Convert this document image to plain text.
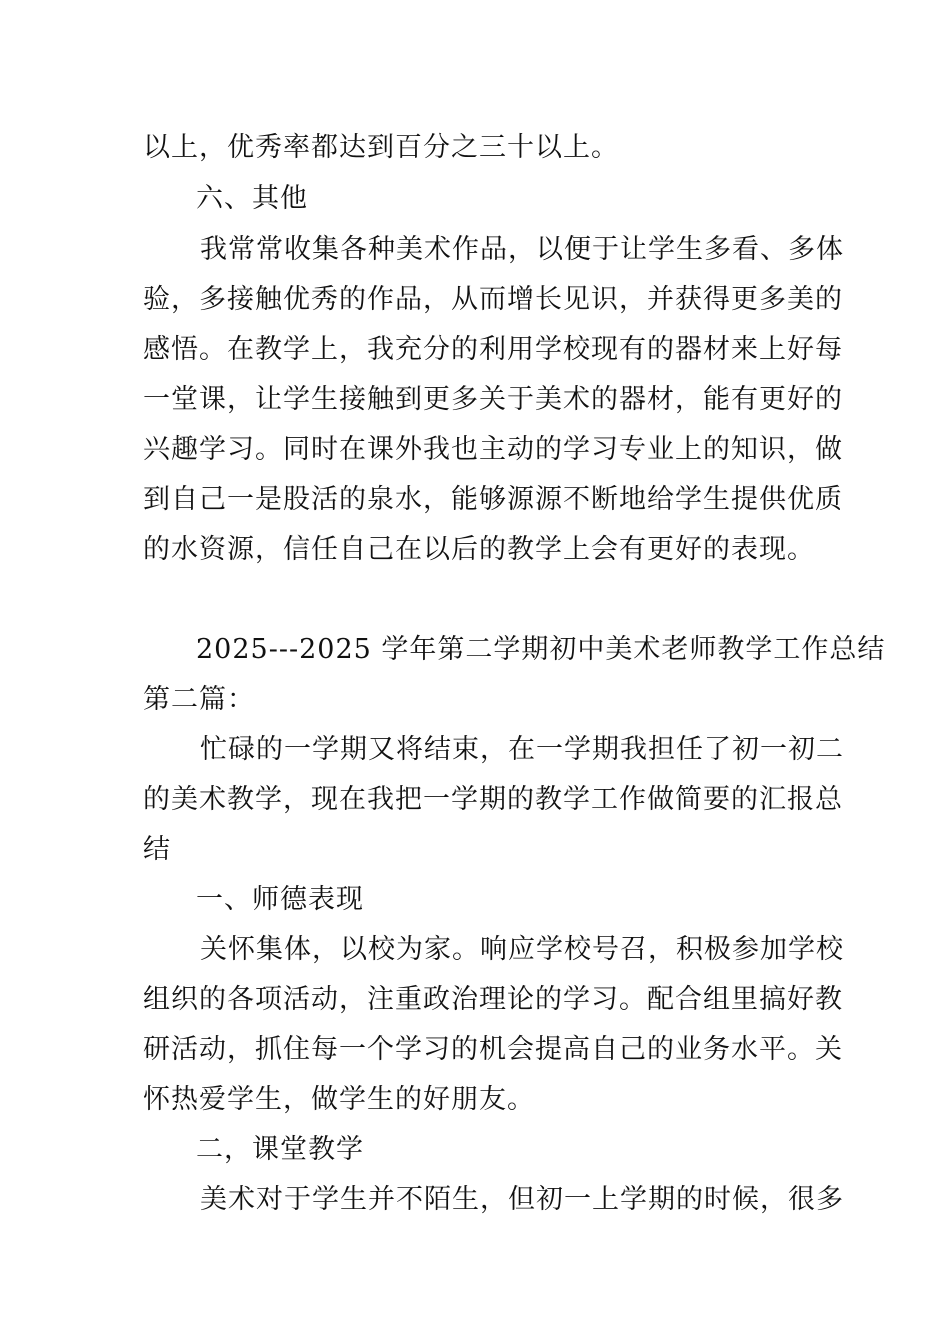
以上，优秀率都达到百分之三十以上。
六、其他
我常常收集各种美术作品，以便于让学生多看、多体
验，多接触优秀的作品，从而增长见识，并获得更多美的
感悟。在教学上，我充分的利用学校现有的器材来上好每
一堂课，让学生接触到更多关于美术的器材，能有更好的
兴趣学习。同时在课外我也主动的学习专业上的知识，做
到自己一是股活的泉水，能够源源不断地给学生提供优质
的水资源，信任自己在以后的教学上会有更好的表现。
2025---2025 学年第二学期初中美术老师教学工作总结
第二篇：
忙碌的一学期又将结束，在一学期我担任了初一初二
的美术教学，现在我把一学期的教学工作做简要的汇报总
结
一、师德表现
关怀集体，以校为家。响应学校号召，积极参加学校
组织的各项活动，注重政治理论的学习。配合组里搞好教
研活动，抓住每一个学习的机会提高自己的业务水平。关
怀热爱学生，做学生的好朋友。
二，课堂教学
美术对于学生并不陌生，但初一上学期的时候，很多
